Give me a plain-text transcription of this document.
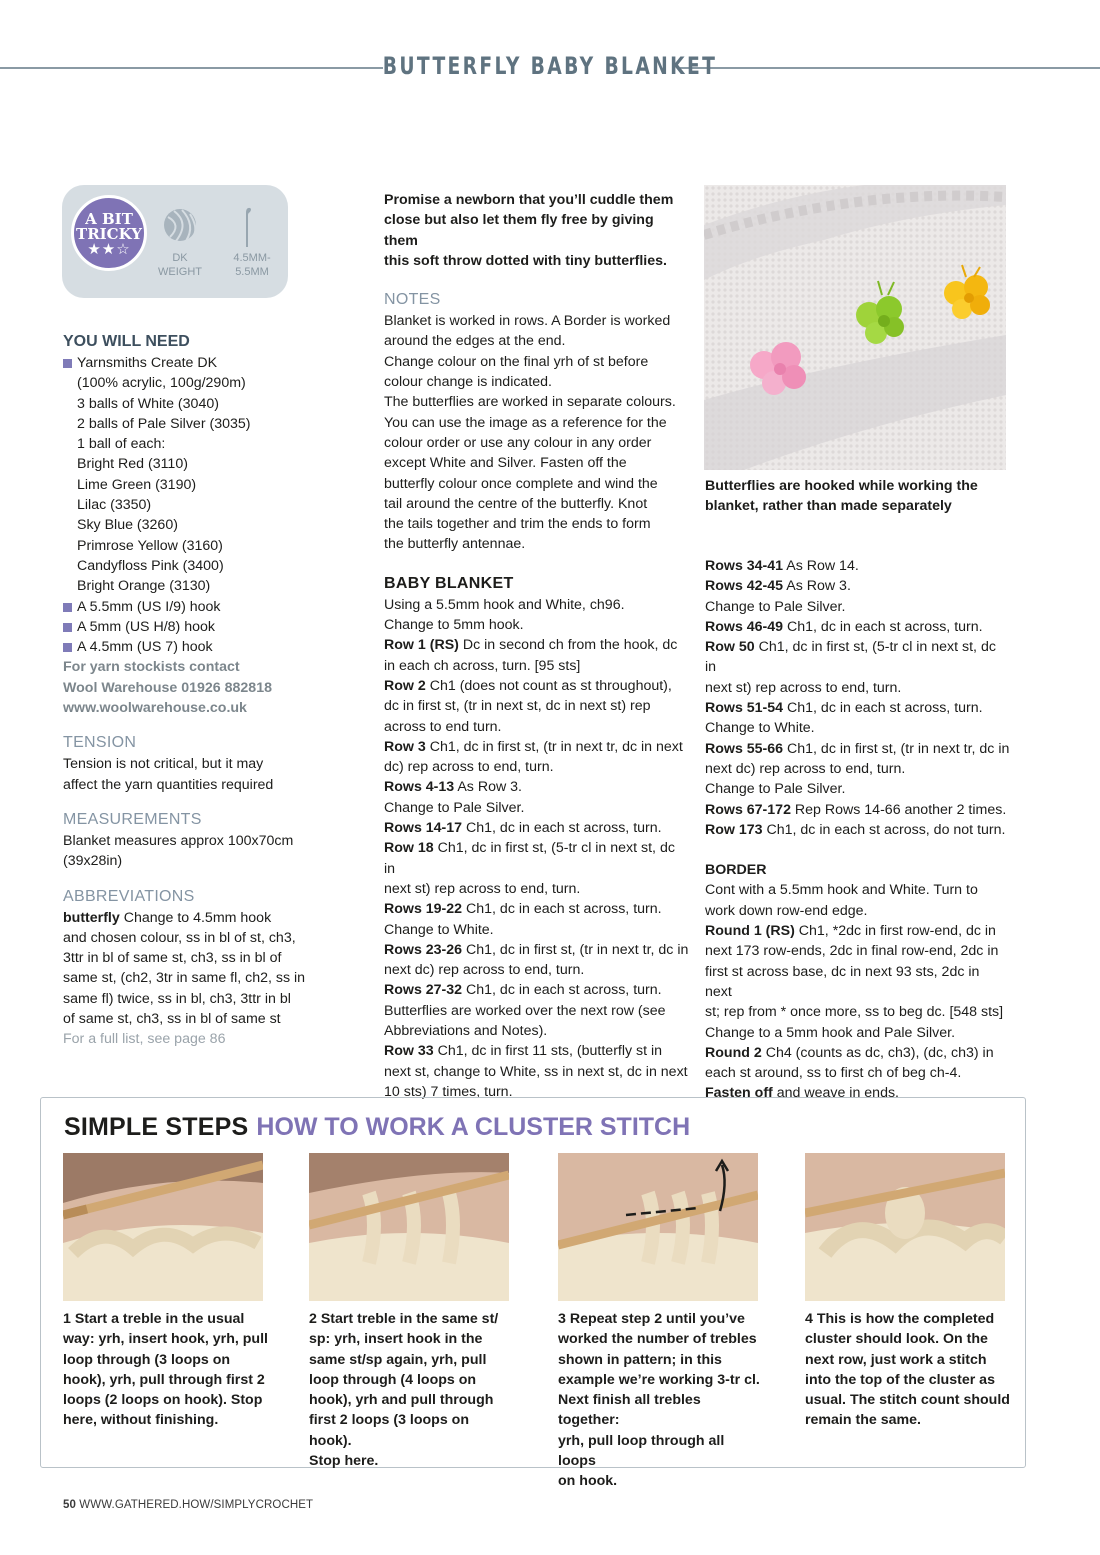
BUTTERFLY BABY BLANKET
A BIT
TRICKY
★★☆	DK
WEIGHT
4.5MM-
5.5MM

YOU WILL NEED

Yarnsmiths Create DK

(100% acrylic, 100g/290m)

3 balls of White (3040)

2 balls of Pale Silver (3035)

1 ball of each:

Bright Red (3110)

Lime Green (3190)

Lilac (3350)

Sky Blue (3260)

Primrose Yellow (3160)

Candyfloss Pink (3400)

Bright Orange (3130)

A 5.5mm (US I/9) hook

A 5mm (US H/8) hook

A 4.5mm (US 7) hook

For yarn stockists contact

Wool Warehouse 01926 882818

www.woolwarehouse.co.uk

TENSION

Tension is not critical, but it may

affect the yarn quantities required

MEASUREMENTS

Blanket measures approx 100x70cm

(39x28in)

ABBREVIATIONS

butterfly Change to 4.5mm hook

and chosen colour, ss in bl of st, ch3,

3ttr in bl of same st, ch3, ss in bl of

same st, (ch2, 3tr in same fl, ch2, ss in

same fl) twice, ss in bl, ch3, 3ttr in bl

of same st, ch3, ss in bl of same st

For a full list, see page 86

Promise a newborn that you’ll cuddle them

close but also let them fly free by giving them

this soft throw dotted with tiny butterflies.

NOTES

Blanket is worked in rows. A Border is worked

around the edges at the end.

Change colour on the final yrh of st before

colour change is indicated.

The butterflies are worked in separate colours.

You can use the image as a reference for the

colour order or use any colour in any order

except White and Silver. Fasten off the

butterfly colour once complete and wind the

tail around the centre of the butterfly. Knot

the tails together and trim the ends to form

the butterfly antennae.

BABY BLANKET

Using a 5.5mm hook and White, ch96.

Change to 5mm hook.

Row 1 (RS) Dc in second ch from the hook, dc

in each ch across, turn. [95 sts]

Row 2 Ch1 (does not count as st throughout),

dc in first st, (tr in next st, dc in next st) rep

across to end turn.

Row 3 Ch1, dc in first st, (tr in next tr, dc in next

dc) rep across to end, turn.

Rows 4-13 As Row 3.

Change to Pale Silver.

Rows 14-17 Ch1, dc in each st across, turn.

Row 18 Ch1, dc in first st, (5-tr cl in next st, dc in

next st) rep across to end, turn.

Rows 19-22 Ch1, dc in each st across, turn.

Change to White.

Rows 23-26 Ch1, dc in first st, (tr in next tr, dc in

next dc) rep across to end, turn.

Rows 27-32 Ch1, dc in each st across, turn.

Butterflies are worked over the next row (see

Abbreviations and Notes).

Row 33 Ch1, dc in first 11 sts, (butterfly st in

next st, change to White, ss in next st, dc in next

10 sts) 7 times, turn.

Butterflies are hooked while working the

blanket, rather than made separately

Rows 34-41 As Row 14.

Rows 42-45 As Row 3.

Change to Pale Silver.

Rows 46-49 Ch1, dc in each st across, turn.

Row 50 Ch1, dc in first st, (5-tr cl in next st, dc in

next st) rep across to end, turn.

Rows 51-54 Ch1, dc in each st across, turn.

Change to White.

Rows 55-66 Ch1, dc in first st, (tr in next tr, dc in

next dc) rep across to end, turn.

Change to Pale Silver.

Rows 67-172 Rep Rows 14-66 another 2 times.

Row 173 Ch1, dc in each st across, do not turn.

BORDER

Cont with a 5.5mm hook and White. Turn to

work down row-end edge.

Round 1 (RS) Ch1, *2dc in first row-end, dc in

next 173 row-ends, 2dc in final row-end, 2dc in

first st across base, dc in next 93 sts, 2dc in next

st; rep from * once more, ss to beg dc. [548 sts]

Change to a 5mm hook and Pale Silver.

Round 2 Ch4 (counts as dc, ch3), (dc, ch3) in

each st around, ss to first ch of beg ch-4.

Fasten off and weave in ends.

SIMPLE STEPS HOW TO WORK A CLUSTER STITCH

1 Start a treble in the usual

way: yrh, insert hook, yrh, pull

loop through (3 loops on

hook), yrh, pull through first 2

loops (2 loops on hook). Stop

here, without finishing.

2 Start treble in the same st/

sp: yrh, insert hook in the

same st/sp again, yrh, pull

loop through (4 loops on

hook), yrh and pull through

first 2 loops (3 loops on hook).

Stop here.

3 Repeat step 2 until you’ve

worked the number of trebles

shown in pattern; in this

example we’re working 3-tr cl.

Next finish all trebles together:

yrh, pull loop through all loops

on hook.

4 This is how the completed

cluster should look. On the

next row, just work a stitch

into the top of the cluster as

usual. The stitch count should

remain the same.

50 WWW.GATHERED.HOW/SIMPLYCROCHET
